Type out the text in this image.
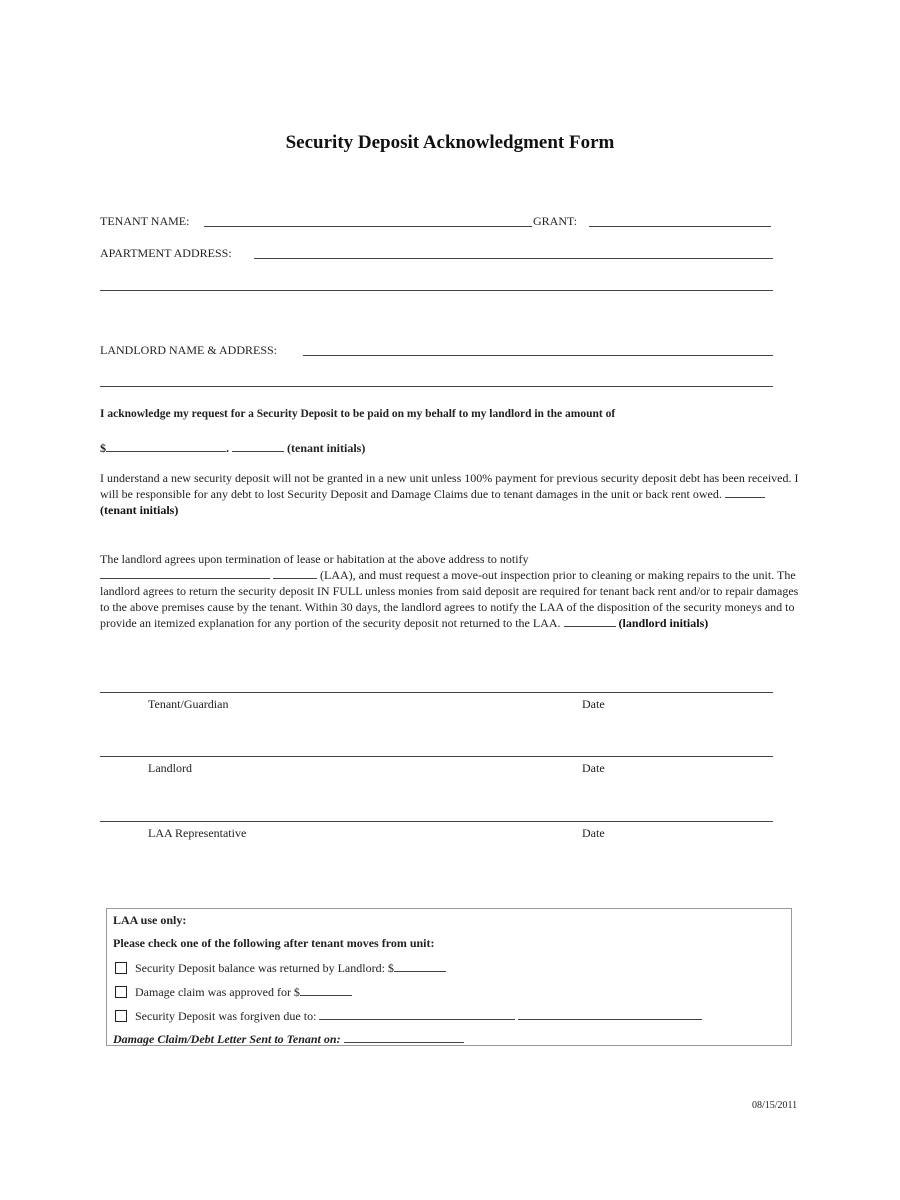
Security Deposit Acknowledgment Form
TENANT NAME:	GRANT:
APARTMENT ADDRESS:
LANDLORD NAME & ADDRESS:
I acknowledge my request for a Security Deposit to be paid on my behalf to my landlord in the amount of
$	.	(tenant initials)
I understand a new security deposit will not be granted in a new unit unless 100% payment for previous security deposit debt has been received. I will be responsible for any debt to lost Security Deposit and Damage Claims due to tenant damages in the unit or back rent owed.  (tenant initials)
The landlord agrees upon termination of lease or habitation at the above address to notify
(LAA), and must request a move-out inspection prior to cleaning or making repairs to the unit. The landlord agrees to return the security deposit IN FULL unless monies from said deposit are required for tenant back rent and/or to repair damages to the above premises cause by the tenant. Within 30 days, the landlord agrees to notify the LAA of the disposition of the security moneys and to provide an itemized explanation for any portion of the security deposit not returned to the LAA.	(landlord initials)
Tenant/Guardian	Date
Landlord	Date
LAA Representative	Date
LAA use only:
Please check one of the following after tenant moves from unit:
Security Deposit balance was returned by Landlord: $
Damage claim was approved for $
Security Deposit was forgiven due to:
Damage Claim/Debt Letter Sent to Tenant on:
08/15/2011
